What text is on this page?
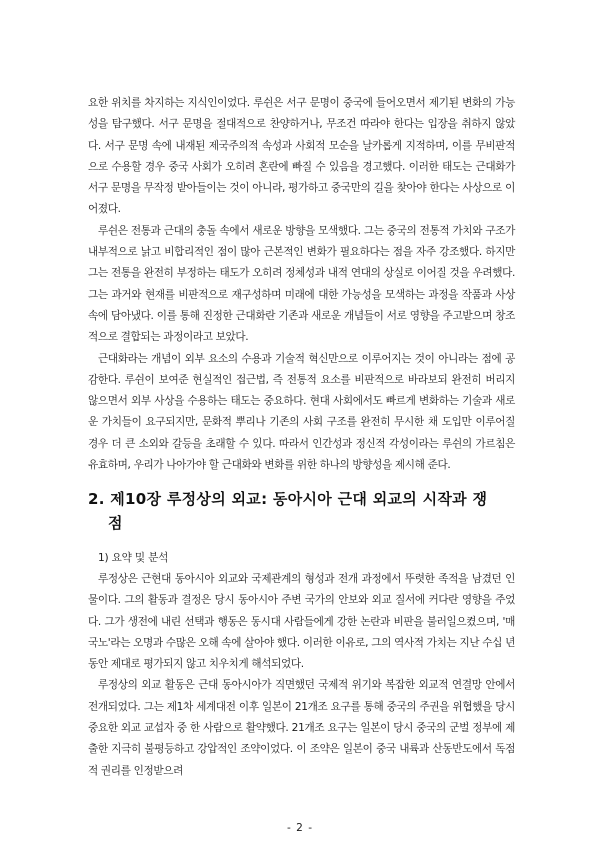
요한 위치를 차지하는 지식인이었다. 루쉰은 서구 문명이 중국에 들어오면서 제기된 변화의 가능성을 탐구했다. 서구 문명을 절대적으로 찬양하거나, 무조건 따라야 한다는 입장을 취하지 않았다. 서구 문명 속에 내재된 제국주의적 속성과 사회적 모순을 날카롭게 지적하며, 이를 무비판적으로 수용할 경우 중국 사회가 오히려 혼란에 빠질 수 있음을 경고했다. 이러한 태도는 근대화가 서구 문명을 무작정 받아들이는 것이 아니라, 평가하고 중국만의 길을 찾아야 한다는 사상으로 이어졌다.

루쉰은 전통과 근대의 충돌 속에서 새로운 방향을 모색했다. 그는 중국의 전통적 가치와 구조가 내부적으로 낡고 비합리적인 점이 많아 근본적인 변화가 필요하다는 점을 자주 강조했다. 하지만 그는 전통을 완전히 부정하는 태도가 오히려 정체성과 내적 연대의 상실로 이어질 것을 우려했다. 그는 과거와 현재를 비판적으로 재구성하며 미래에 대한 가능성을 모색하는 과정을 작품과 사상 속에 담아냈다. 이를 통해 진정한 근대화란 기존과 새로운 개념들이 서로 영향을 주고받으며 창조적으로 결합되는 과정이라고 보았다.

근대화라는 개념이 외부 요소의 수용과 기술적 혁신만으로 이루어지는 것이 아니라는 점에 공감한다. 루쉰이 보여준 현실적인 접근법, 즉 전통적 요소를 비판적으로 바라보되 완전히 버리지 않으면서 외부 사상을 수용하는 태도는 중요하다. 현대 사회에서도 빠르게 변화하는 기술과 새로운 가치들이 요구되지만, 문화적 뿌리나 기존의 사회 구조를 완전히 무시한 채 도입만 이루어질 경우 더 큰 소외와 갈등을 초래할 수 있다. 따라서 인간성과 정신적 각성이라는 루쉰의 가르침은 유효하며, 우리가 나아가야 할 근대화와 변화를 위한 하나의 방향성을 제시해 준다.

2. 제10장 루정상의 외교: 동아시아 근대 외교의 시작과 쟁
점
1) 요약 및 분석

루정상은 근현대 동아시아 외교와 국제관계의 형성과 전개 과정에서 뚜렷한 족적을 남겼던 인물이다. 그의 활동과 결정은 당시 동아시아 주변 국가의 안보와 외교 질서에 커다란 영향을 주었다. 그가 생전에 내린 선택과 행동은 동시대 사람들에게 강한 논란과 비판을 불러일으켰으며, '매국노'라는 오명과 수많은 오해 속에 살아야 했다. 이러한 이유로, 그의 역사적 가치는 지난 수십 년 동안 제대로 평가되지 않고 치우치게 해석되었다.

루정상의 외교 활동은 근대 동아시아가 직면했던 국제적 위기와 복잡한 외교적 연결망 안에서 전개되었다. 그는 제1차 세계대전 이후 일본이 21개조 요구를 통해 중국의 주권을 위협했을 당시 중요한 외교 교섭자 중 한 사람으로 활약했다. 21개조 요구는 일본이 당시 중국의 군벌 정부에 제출한 지극히 불평등하고 강압적인 조약이었다. 이 조약은 일본이 중국 내륙과 산동반도에서 독점적 권리를 인정받으려

- 2 -
